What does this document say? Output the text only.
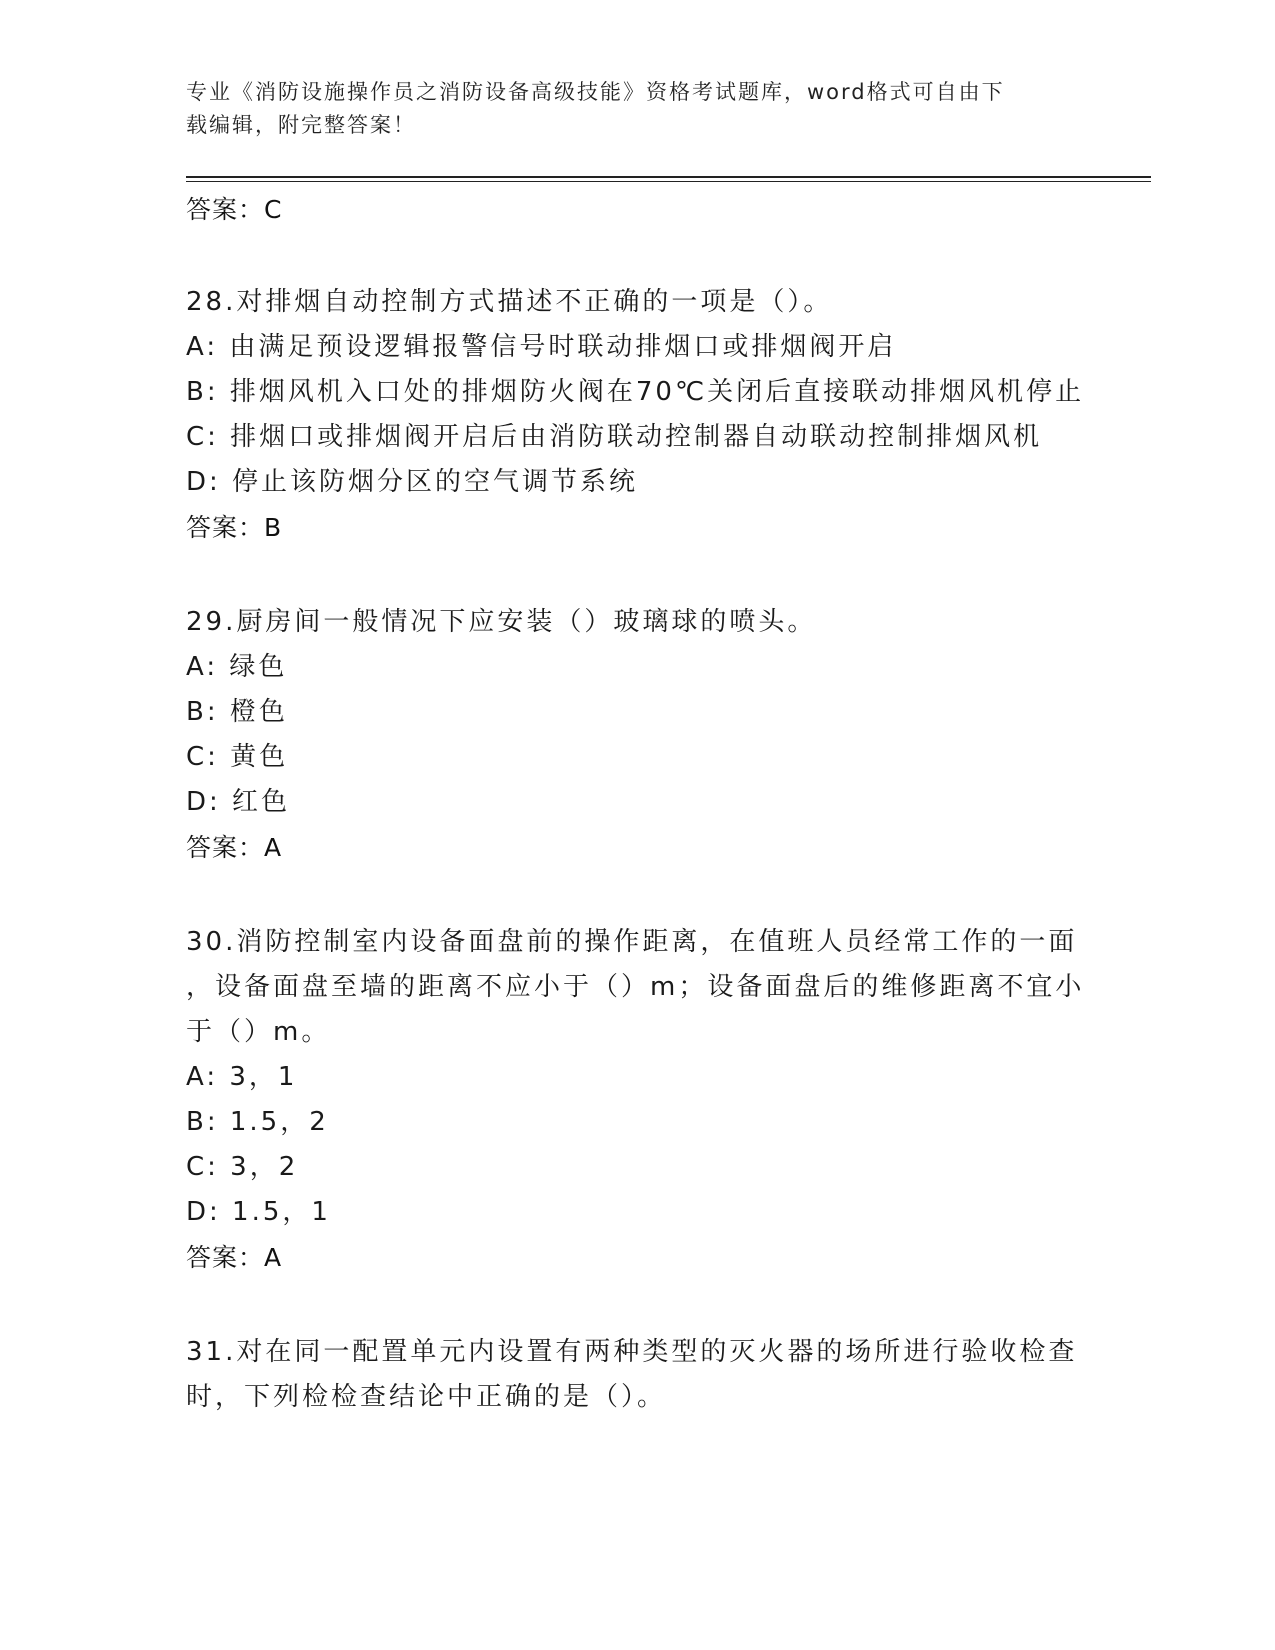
专业《消防设施操作员之消防设备高级技能》资格考试题库，word格式可自由下
载编辑，附完整答案！
答案：C
28.对排烟自动控制方式描述不正确的一项是（）。
A: 由满足预设逻辑报警信号时联动排烟口或排烟阀开启
B: 排烟风机入口处的排烟防火阀在70℃关闭后直接联动排烟风机停止
C: 排烟口或排烟阀开启后由消防联动控制器自动联动控制排烟风机
D: 停止该防烟分区的空气调节系统
答案：B
29.厨房间一般情况下应安装（）玻璃球的喷头。
A: 绿色
B: 橙色
C: 黄色
D: 红色
答案：A
30.消防控制室内设备面盘前的操作距离，在值班人员经常工作的一面
，设备面盘至墙的距离不应小于（）m；设备面盘后的维修距离不宜小
于（）m。
A: 3，1
B: 1.5，2
C: 3，2
D: 1.5，1
答案：A
31.对在同一配置单元内设置有两种类型的灭火器的场所进行验收检查
时，下列检检查结论中正确的是（）。
